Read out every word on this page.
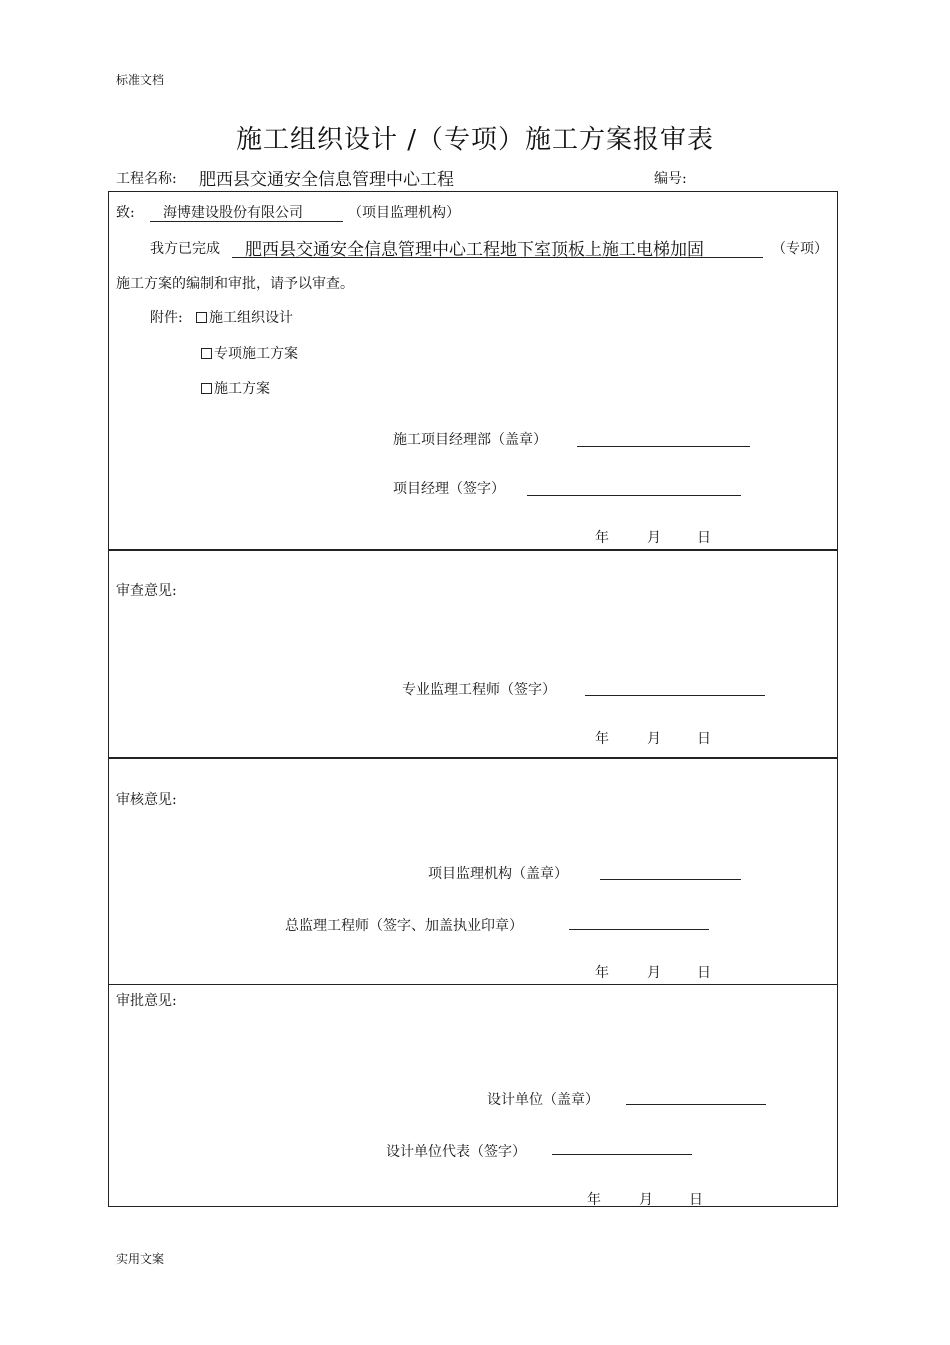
标准文档
实用文案
施工组织设计 /（专项）施工方案报审表
工程名称: 肥西县交通安全信息管理中心工程	编号:
致: 海博建设股份有限公司	（项目监理机构）
我方已完成 肥西县交通安全信息管理中心工程地下室顶板上施工电梯加固	（专项）
施工方案的编制和审批，请予以审查。
附件:	施工组织设计
专项施工方案
施工方案
施工项目经理部（盖章）
项目经理（签字）
年	月	日
审查意见:
专业监理工程师（签字）
年	月	日
审核意见:
项目监理机构（盖章）
总监理工程师（签字、加盖执业印章）
年	月	日
审批意见:
设计单位（盖章）
设计单位代表（签字）
年	月	日
